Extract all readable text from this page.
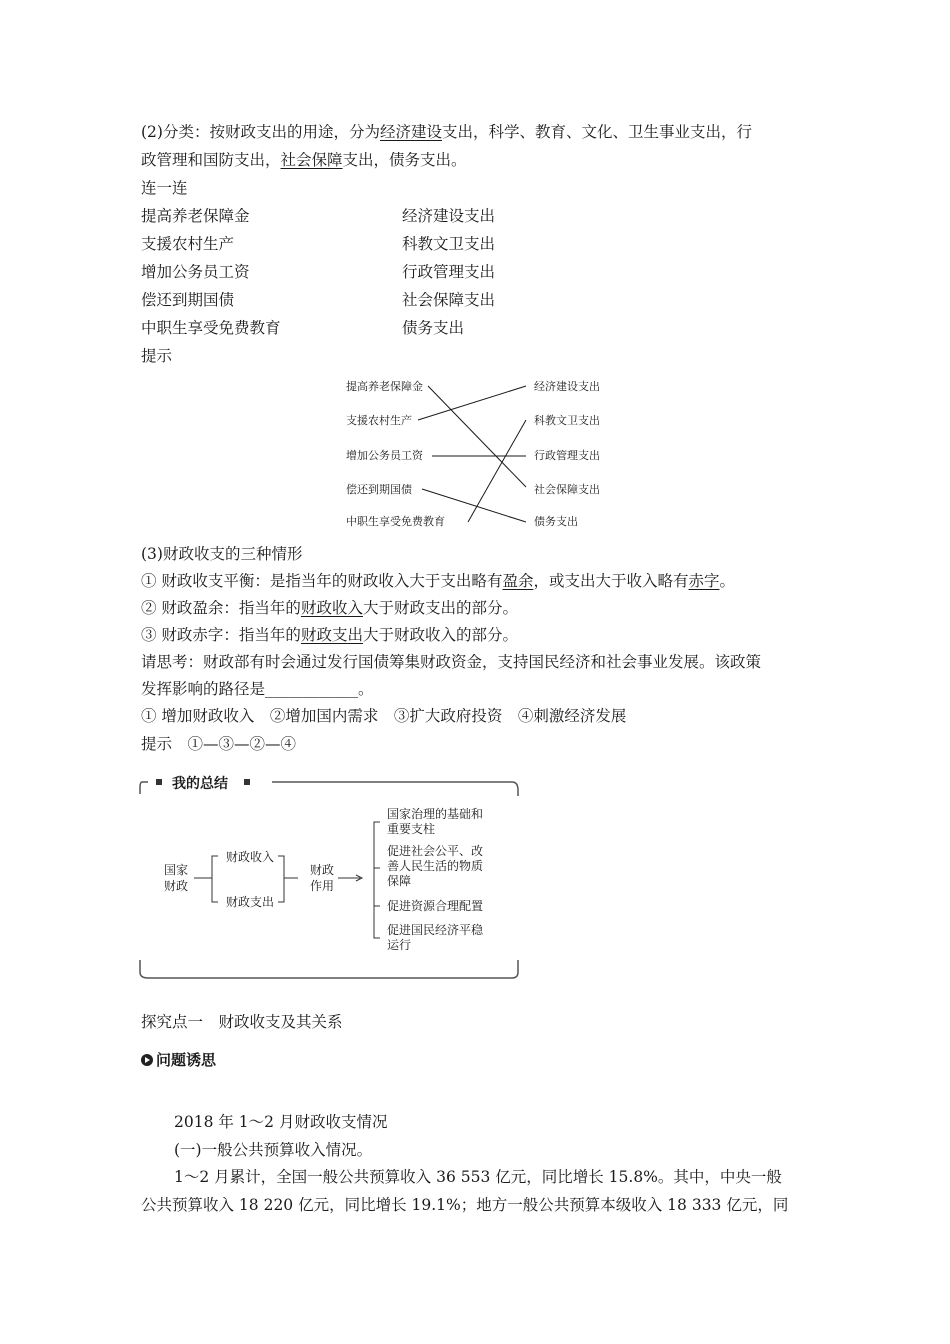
(2)分类：按财政支出的用途，分为经济建设支出，科学、教育、文化、卫生事业支出，行
政管理和国防支出，社会保障支出，债务支出。
连一连
提高养老保障金	经济建设支出
支援农村生产	科教文卫支出
增加公务员工资	行政管理支出
偿还到期国债	社会保障支出
中职生享受免费教育	债务支出
提示
提高养老保障金
支援农村生产
增加公务员工资
偿还到期国债
中职生享受免费教育
经济建设支出
科教文卫支出
行政管理支出
社会保障支出
债务支出
(3)财政收支的三种情形
① 财政收支平衡：是指当年的财政收入大于支出略有盈余，或支出大于收入略有赤字。
② 财政盈余：指当年的财政收入大于财政支出的部分。
③ 财政赤字：指当年的财政支出大于财政收入的部分。
请思考：财政部有时会通过发行国债筹集财政资金，支持国民经济和社会事业发展。该政策
发挥影响的路径是____________。
① 增加财政收入　②增加国内需求　③扩大政府投资　④刺激经济发展
提示　①—③—②—④
我的总结
国家
财政
财政收入
财政支出
财政
作用
国家治理的基础和
重要支柱
促进社会公平、改
善人民生活的物质
保障
促进资源合理配置
促进国民经济平稳
运行
探究点一　财政收支及其关系
问题诱思
2018 年 1～2 月财政收支情况
(一)一般公共预算收入情况。
1～2 月累计，全国一般公共预算收入 36 553 亿元，同比增长 15.8%。其中，中央一般
公共预算收入 18 220 亿元，同比增长 19.1%；地方一般公共预算本级收入 18 333 亿元，同
